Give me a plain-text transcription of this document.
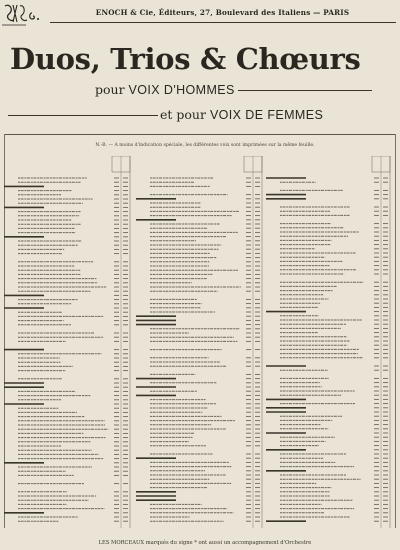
ENOCH & Cie, Éditeurs, 27, Boulevard des Italiens — PARIS
Duos, Trios & Chœurs
pour VOIX D'HOMMES
et pour VOIX DE FEMMES
N.-B. — A moins d'indication spéciale, les différentes voix sont imprimées sur la même feuille.
LES MORCEAUX marqués du signe * ont aussi un accompagnement d'Orchestre
